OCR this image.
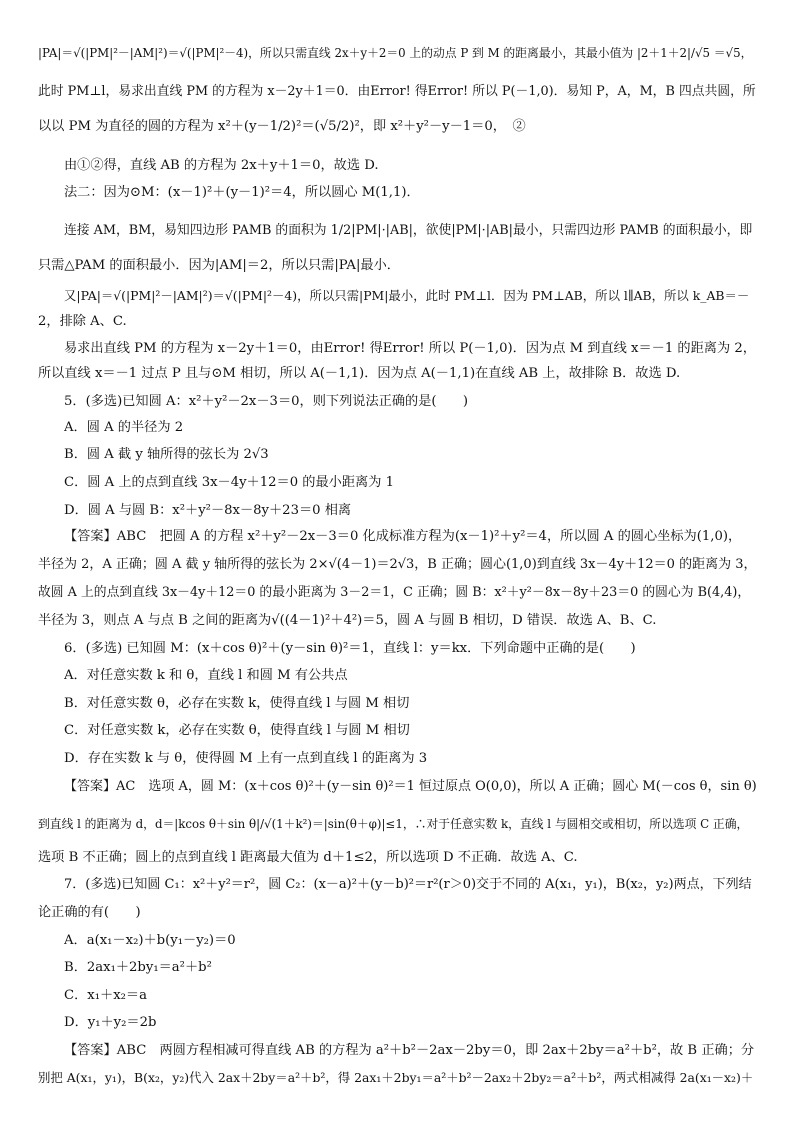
|PA|＝√(|PM|²－|AM|²)＝√(|PM|²－4)，所以只需直线 2x＋y＋2＝0 上的动点 P 到 M 的距离最小，其最小值为 |2＋1＋2|/√5 ＝√5，
此时 PM⊥l，易求出直线 PM 的方程为 x－2y＋1＝0．由Error! 得Error! 所以 P(－1,0)．易知 P，A，M，B 四点共圆，所
以以 PM 为直径的圆的方程为 x²＋(y－1/2)²＝(√5/2)²，即 x²＋y²－y－1＝0，　②
由①②得，直线 AB 的方程为 2x＋y＋1＝0，故选 D.
法二：因为⊙M：(x－1)²＋(y－1)²＝4，所以圆心 M(1,1)．
连接 AM，BM，易知四边形 PAMB 的面积为 1/2|PM|·|AB|，欲使|PM|·|AB|最小，只需四边形 PAMB 的面积最小，即
只需△PAM 的面积最小．因为|AM|＝2，所以只需|PA|最小．
又|PA|＝√(|PM|²－|AM|²)＝√(|PM|²－4)，所以只需|PM|最小，此时 PM⊥l．因为 PM⊥AB，所以 l∥AB，所以 k_AB＝－
2，排除 A、C.
易求出直线 PM 的方程为 x－2y＋1＝0，由Error! 得Error! 所以 P(－1,0)．因为点 M 到直线 x＝－1 的距离为 2，
所以直线 x＝－1 过点 P 且与⊙M 相切，所以 A(－1,1)．因为点 A(－1,1)在直线 AB 上，故排除 B．故选 D.
5．(多选)已知圆 A：x²＋y²－2x－3＝0，则下列说法正确的是(　　)
A．圆 A 的半径为 2
B．圆 A 截 y 轴所得的弦长为 2√3
C．圆 A 上的点到直线 3x－4y＋12＝0 的最小距离为 1
D．圆 A 与圆 B：x²＋y²－8x－8y＋23＝0 相离
【答案】ABC　把圆 A 的方程 x²＋y²－2x－3＝0 化成标准方程为(x－1)²＋y²＝4，所以圆 A 的圆心坐标为(1,0)，
半径为 2，A 正确；圆 A 截 y 轴所得的弦长为 2×√(4－1)＝2√3，B 正确；圆心(1,0)到直线 3x－4y＋12＝0 的距离为 3，
故圆 A 上的点到直线 3x－4y＋12＝0 的最小距离为 3－2＝1，C 正确；圆 B：x²＋y²－8x－8y＋23＝0 的圆心为 B(4,4)，
半径为 3，则点 A 与点 B 之间的距离为√((4－1)²＋4²)＝5，圆 A 与圆 B 相切，D 错误．故选 A、B、C.
6．(多选) 已知圆 M：(x＋cos θ)²＋(y－sin θ)²＝1，直线 l：y＝kx．下列命题中正确的是(　　)
A．对任意实数 k 和 θ，直线 l 和圆 M 有公共点
B．对任意实数 θ，必存在实数 k，使得直线 l 与圆 M 相切
C．对任意实数 k，必存在实数 θ，使得直线 l 与圆 M 相切
D．存在实数 k 与 θ，使得圆 M 上有一点到直线 l 的距离为 3
【答案】AC　选项 A，圆 M：(x＋cos θ)²＋(y－sin θ)²＝1 恒过原点 O(0,0)，所以 A 正确；圆心 M(－cos θ，sin θ)
到直线 l 的距离为 d，d＝|kcos θ＋sin θ|/√(1＋k²)＝|sin(θ＋φ)|≤1，∴对于任意实数 k，直线 l 与圆相交或相切，所以选项 C 正确，
选项 B 不正确；圆上的点到直线 l 距离最大值为 d＋1≤2，所以选项 D 不正确．故选 A、C.
7．(多选)已知圆 C₁：x²＋y²＝r²，圆 C₂：(x－a)²＋(y－b)²＝r²(r＞0)交于不同的 A(x₁，y₁)，B(x₂，y₂)两点，下列结
论正确的有(　　)
A．a(x₁－x₂)＋b(y₁－y₂)＝0
B．2ax₁＋2by₁＝a²＋b²
C．x₁＋x₂＝a
D．y₁＋y₂＝2b
【答案】ABC　两圆方程相减可得直线 AB 的方程为 a²＋b²－2ax－2by＝0，即 2ax＋2by＝a²＋b²，故 B 正确；分
别把 A(x₁，y₁)，B(x₂，y₂)代入 2ax＋2by＝a²＋b²，得 2ax₁＋2by₁＝a²＋b²－2ax₂＋2by₂＝a²＋b²，两式相减得 2a(x₁－x₂)＋
